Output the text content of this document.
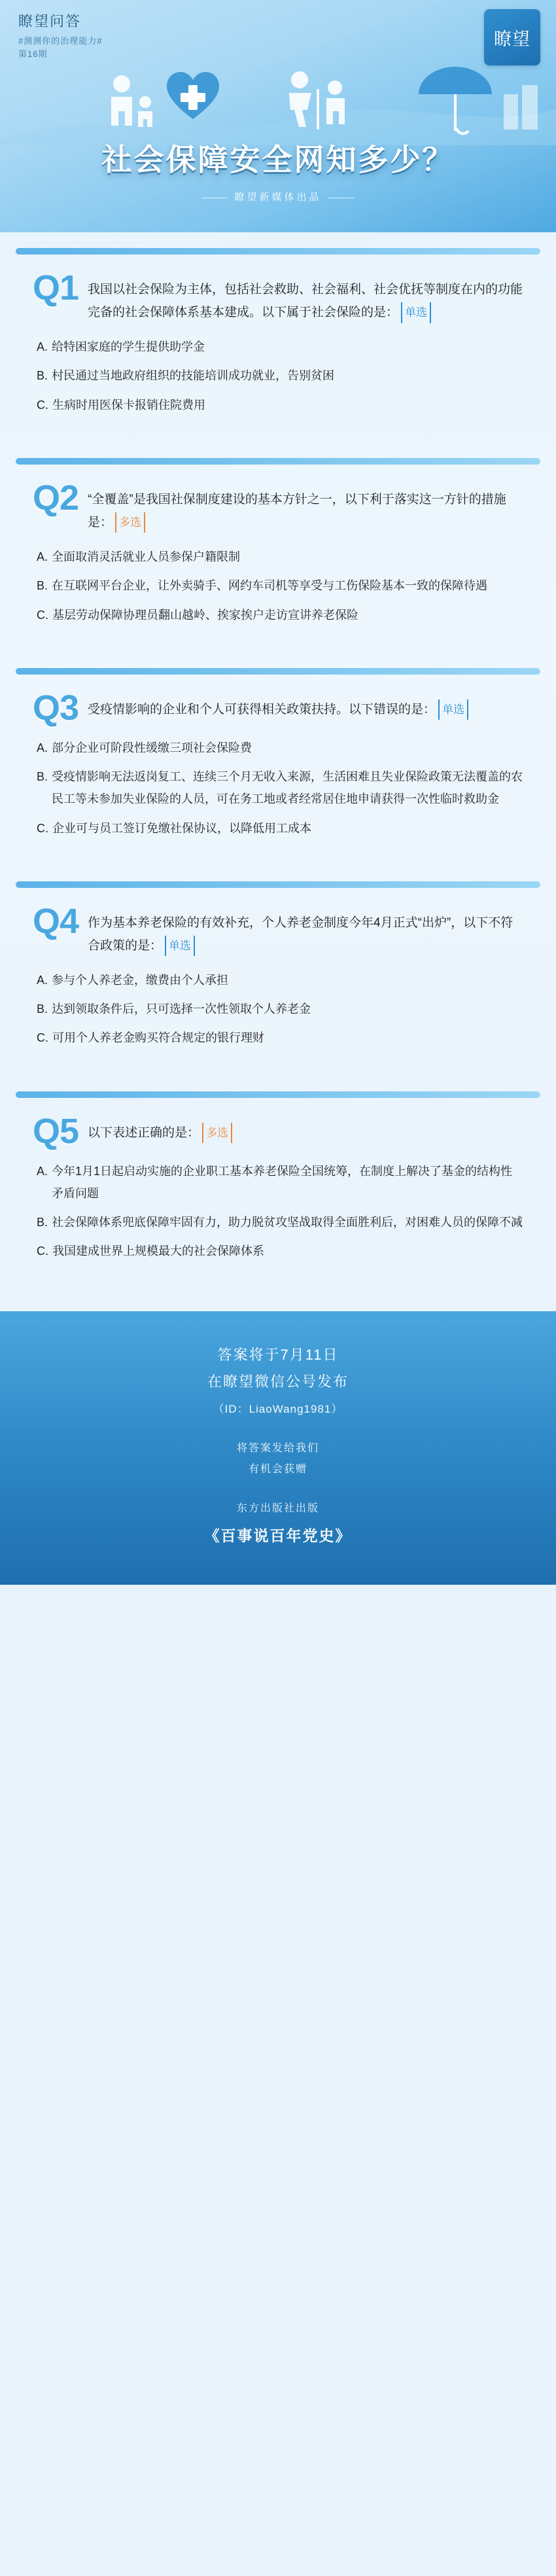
瞭望问答
#测测你的治理能力#
第16期
瞭望
社会保障安全网知多少？
瞭望新媒体出品
Q1 我国以社会保险为主体，包括社会救助、社会福利、社会优抚等制度在内的功能完备的社会保障体系基本建成。以下属于社会保险的是： 单选
A. 给特困家庭的学生提供助学金
B. 村民通过当地政府组织的技能培训成功就业，告别贫困
C. 生病时用医保卡报销住院费用
Q2 “全覆盖”是我国社保制度建设的基本方针之一，以下利于落实这一方针的措施是： 多选
A. 全面取消灵活就业人员参保户籍限制
B. 在互联网平台企业，让外卖骑手、网约车司机等享受与工伤保险基本一致的保障待遇
C. 基层劳动保障协理员翻山越岭、挨家挨户走访宣讲养老保险
Q3 受疫情影响的企业和个人可获得相关政策扶持。以下错误的是： 单选
A. 部分企业可阶段性缓缴三项社会保险费
B. 受疫情影响无法返岗复工、连续三个月无收入来源，生活困难且失业保险政策无法覆盖的农民工等未参加失业保险的人员，可在务工地或者经常居住地申请获得一次性临时救助金
C. 企业可与员工签订免缴社保协议，以降低用工成本
Q4 作为基本养老保险的有效补充，个人养老金制度今年4月正式“出炉”，以下不符合政策的是： 单选
A. 参与个人养老金，缴费由个人承担
B. 达到领取条件后，只可选择一次性领取个人养老金
C. 可用个人养老金购买符合规定的银行理财
Q5 以下表述正确的是： 多选
A. 今年1月1日起启动实施的企业职工基本养老保险全国统筹，在制度上解决了基金的结构性矛盾问题
B. 社会保障体系兜底保障牢固有力，助力脱贫攻坚战取得全面胜利后，对困难人员的保障不减
C. 我国建成世界上规模最大的社会保障体系
答案将于7月11日
在瞭望微信公号发布
（ID：LiaoWang1981）
将答案发给我们
有机会获赠
东方出版社出版
《百事说百年党史》
